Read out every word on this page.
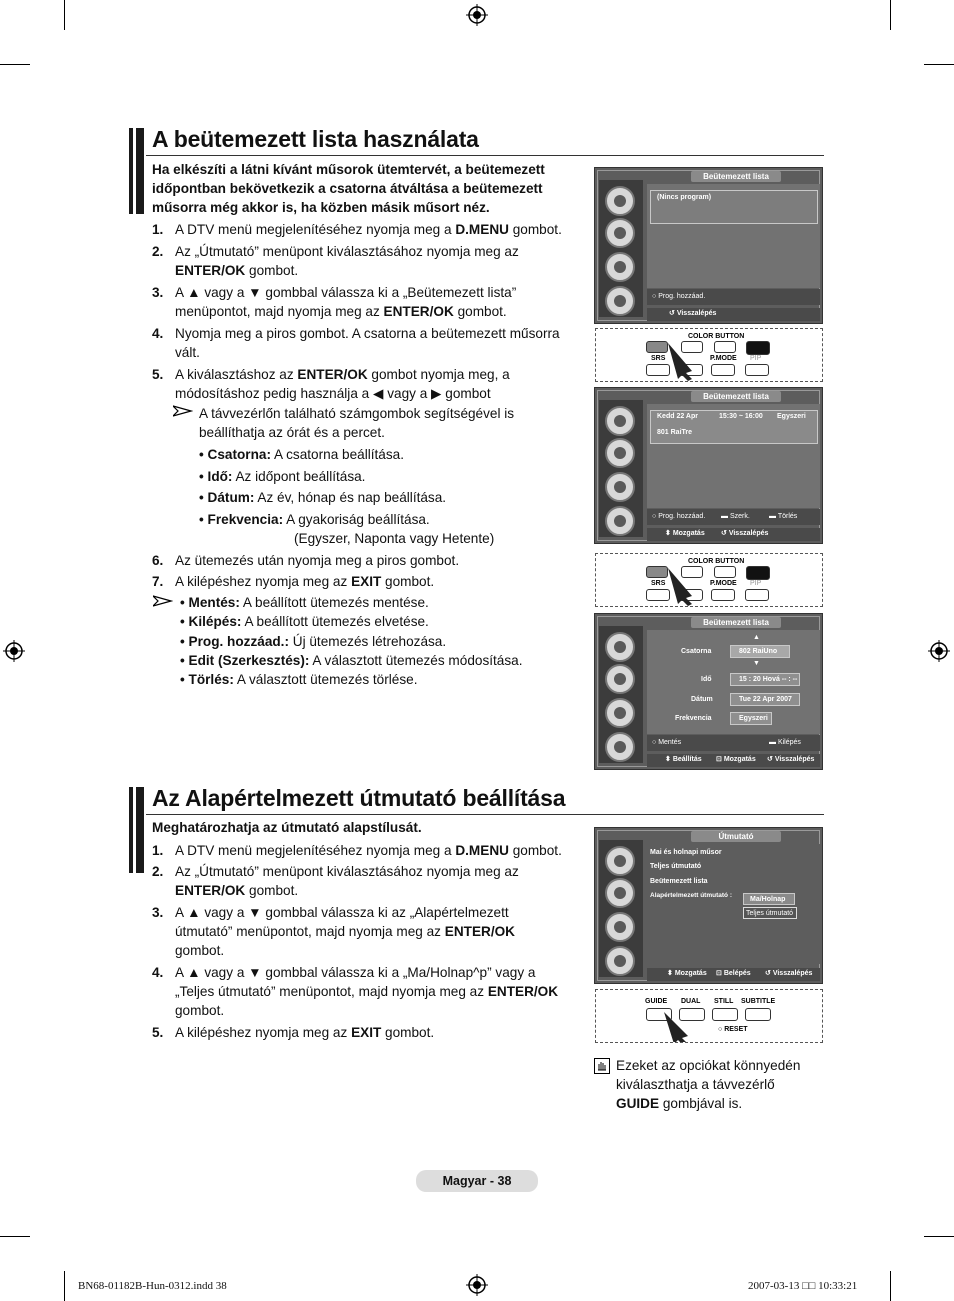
A beütemezett lista használata
Ha elkészíti a látni kívánt műsorok ütemtervét, a beütemezett
időpontban bekövetkezik a csatorna átváltása a beütemezett
műsorra még akkor is, ha közben másik műsort néz.
1. A DTV menü megjelenítéséhez nyomja meg a D.MENU gombot.
2. Az „Útmutató” menüpont kiválasztásához nyomja meg az
ENTER/OK gombot.
3. A ▲ vagy a ▼ gombbal válassza ki a „Beütemezett lista”
menüpontot, majd nyomja meg az ENTER/OK gombot.
4. Nyomja meg a piros gombot. A csatorna a beütemezett műsorra
vált.
5. A kiválasztáshoz az ENTER/OK gombot nyomja meg, a
módosításhoz pedig használja a ◀ vagy a ▶ gombot
A távvezérlőn található számgombok segítségével is
beállíthatja az órát és a percet.
• Csatorna: A csatorna beállítása.
• Idő: Az időpont beállítása.
• Dátum: Az év, hónap és nap beállítása.
• Frekvencia: A gyakoriság beállítása.
(Egyszer, Naponta vagy Hetente)
6. Az ütemezés után nyomja meg a piros gombot.
7. A kilépéshez nyomja meg az EXIT gombot.
• Mentés: A beállított ütemezés mentése.
• Kilépés: A beállított ütemezés elvetése.
• Prog. hozzáad.: Új ütemezés létrehozása.
• Edit (Szerkesztés): A választott ütemezés módosítása.
• Törlés: A választott ütemezés törlése.
Beütemezett lista
(Nincs program)
○ Prog. hozzáad.
↺ Visszalépés
COLOR BUTTON
SRS	P.MODE PIP
Beütemezett lista
Kedd 22 Apr	15:30 ~ 16:00 Egyszeri
801 RaiTre
○ Prog. hozzáad. ▬ Szerk.	▬ Törlés
⬍ Mozgatás ↺ Visszalépés
COLOR BUTTON
SRS	P.MODE PIP
Beütemezett lista
▲
Csatorna	802 RaiUno
▼
Idő	15 : 20 Hová -- : --
Dátum	Tue 22 Apr 2007
Frekvencia	Egyszeri
○ Mentés	▬ Kilépés
⬍ Beállítás ⊡ Mozgatás ↺ Visszalépés
Az Alapértelmezett útmutató beállítása
Meghatározhatja az útmutató alapstílusát.
1. A DTV menü megjelenítéséhez nyomja meg a D.MENU gombot.
2. Az „Útmutató” menüpont kiválasztásához nyomja meg az
ENTER/OK gombot.
3. A ▲ vagy a ▼ gombbal válassza ki az „Alapértelmezett
útmutató” menüpontot, majd nyomja meg az ENTER/OK
gombot.
4. A ▲ vagy a ▼ gombbal válassza ki a „Ma/Holnap^p” vagy a
„Teljes útmutató” menüpontot, majd nyomja meg az ENTER/OK
gombot.
5. A kilépéshez nyomja meg az EXIT gombot.
Útmutató
Mai és holnapi műsor
Teljes útmutató
Beütemezett lista
Alapértelmezett útmutató :
Ma/Holnap
Teljes útmutató
⬍ Mozgatás ⊡ Belépés ↺ Visszalépés
GUIDE DUAL STILL SUBTITLE
○ RESET
Ezeket az opciókat könnyedén
kiválaszthatja a távvezérlő
GUIDE gombjával is.
Magyar - 38
BN68-01182B-Hun-0312.indd 38	2007-03-13 □□ 10:33:21
